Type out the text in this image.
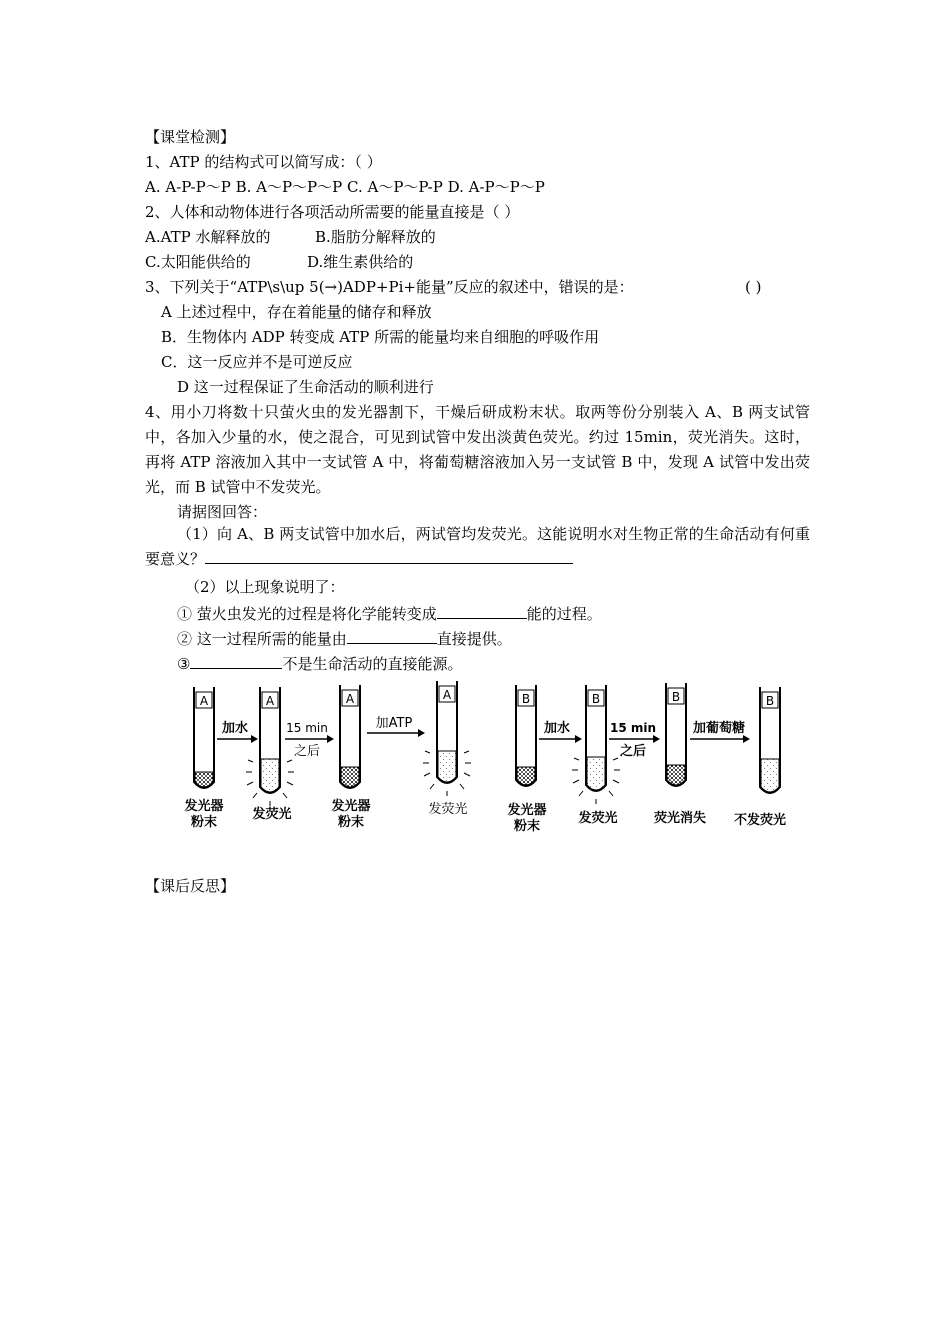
【课堂检测】
1、ATP 的结构式可以简写成：（ ）
A. A-P-P～P B. A～P～P～P C. A～P～P-P D. A-P～P～P
2、人体和动物体进行各项活动所需要的能量直接是（ ）
A.ATP 水解释放的	B.脂肪分解释放的
C.太阳能供给的	D.维生素供给的
3、下列关于“ATP\s\up 5(→)ADP+Pi+能量”反应的叙述中，错误的是：	( )
A 上述过程中，存在着能量的储存和释放
B．生物体内 ADP 转变成 ATP 所需的能量均来自细胞的呼吸作用
C．这一反应并不是可逆反应
D 这一过程保证了生命活动的顺利进行
4、用小刀将数十只萤火虫的发光器割下，干燥后研成粉末状。取两等份分别装入 A、B 两支试管中，各加入少量的水，使之混合，可见到试管中发出淡黄色荧光。约过 15min，荧光消失。这时，再将 ATP 溶液加入其中一支试管 A 中，将葡萄糖溶液加入另一支试管 B 中，发现 A 试管中发出荧光，而 B 试管中不发荧光。
请据图回答：
（1）向 A、B 两支试管中加水后，两试管均发荧光。这能说明水对生物正常的生命活动有何重要意义？
（2）以上现象说明了：
① 萤火虫发光的过程是将化学能转变成	能的过程。
② 这一过程所需的能量由	直接提供。
③	不是生命活动的直接能源。
A
加水
A
15 min
之后
A
加ATP
A	B
加水
B
15 min
之后
B
加葡萄糖
B
发光器
粉末
发荧光
发光器
粉末
发荧光	发光器
粉末
发荧光	荧光消失 不发荧光
【课后反思】
